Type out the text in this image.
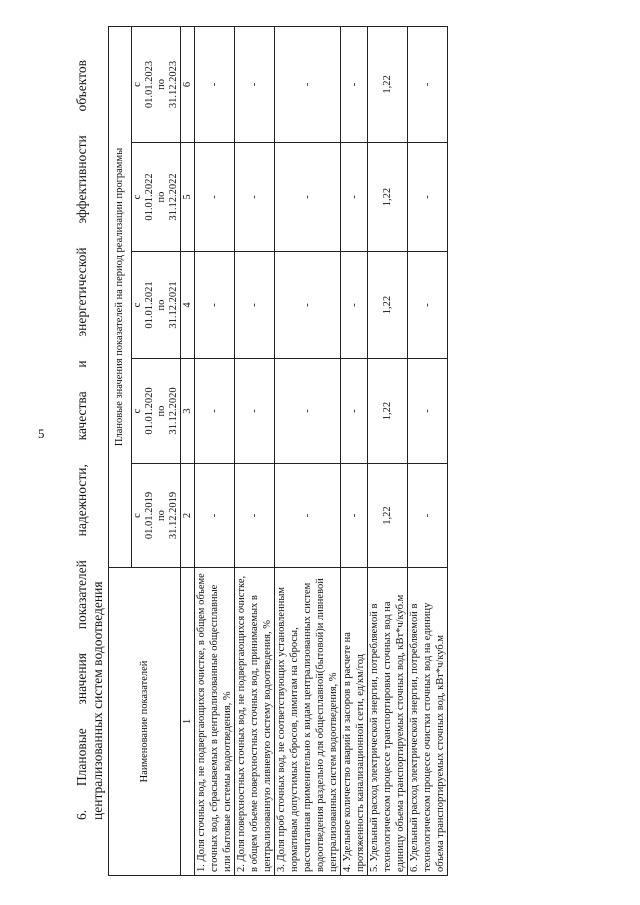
5 6. Плановые значения показателей надежности, качества и энергетической эффективности объектов централизованных систем водоотведения	Наименование показателей	Плановые значения показателей на период реализации программы				

	с 01.01.2019 по 31.12.2019	с 01.01.2020 по 31.12.2020	с 01.01.2021 по 31.12.2021	с 01.01.2022 по 31.12.2022	с 01.01.2023 по 31.12.2023

1	2	3	4	5	6
1. Доля сточных вод, не подвергающихся очистке, в общем объеме сточных вод, сбрасываемых в централизованные общесплавные или бытовые системы водоотведения, %	-	-	-	-	-
2. Доля поверхностных сточных вод, не подвергающихся очистке, в общем объеме поверхностных сточных вод, принимаемых в централизованную ливневую систему водоотведения, %	-	-	-	-	-
3. Доля проб сточных вод, не соответствующих установленным нормативам допустимых сбросов, лимитам на сбросы, рассчитанная применительно к видам централизованных систем водоотведения раздельно для общесплавной(бытовой)и ливневой централизованных систем водоотведения, %	-	-	-	-	-
4. Удельное количество аварий и засоров в расчете на протяженность канализационной сети, ед/км/год	-	-	-	-	-
5. Удельный расход электрической энергии, потребляемой в технологическом процессе транспортировки сточных вод на единицу объема транспортируемых сточных вод, кВт*ч/куб.м	1,22	1,22	1,22	1,22	1,22
6. Удельный расход электрической энергии, потребляемой в технологическом процессе очистки сточных вод на единицу объема транспортируемых сточных вод, кВт*ч/куб.м	-	-	-	-	-
